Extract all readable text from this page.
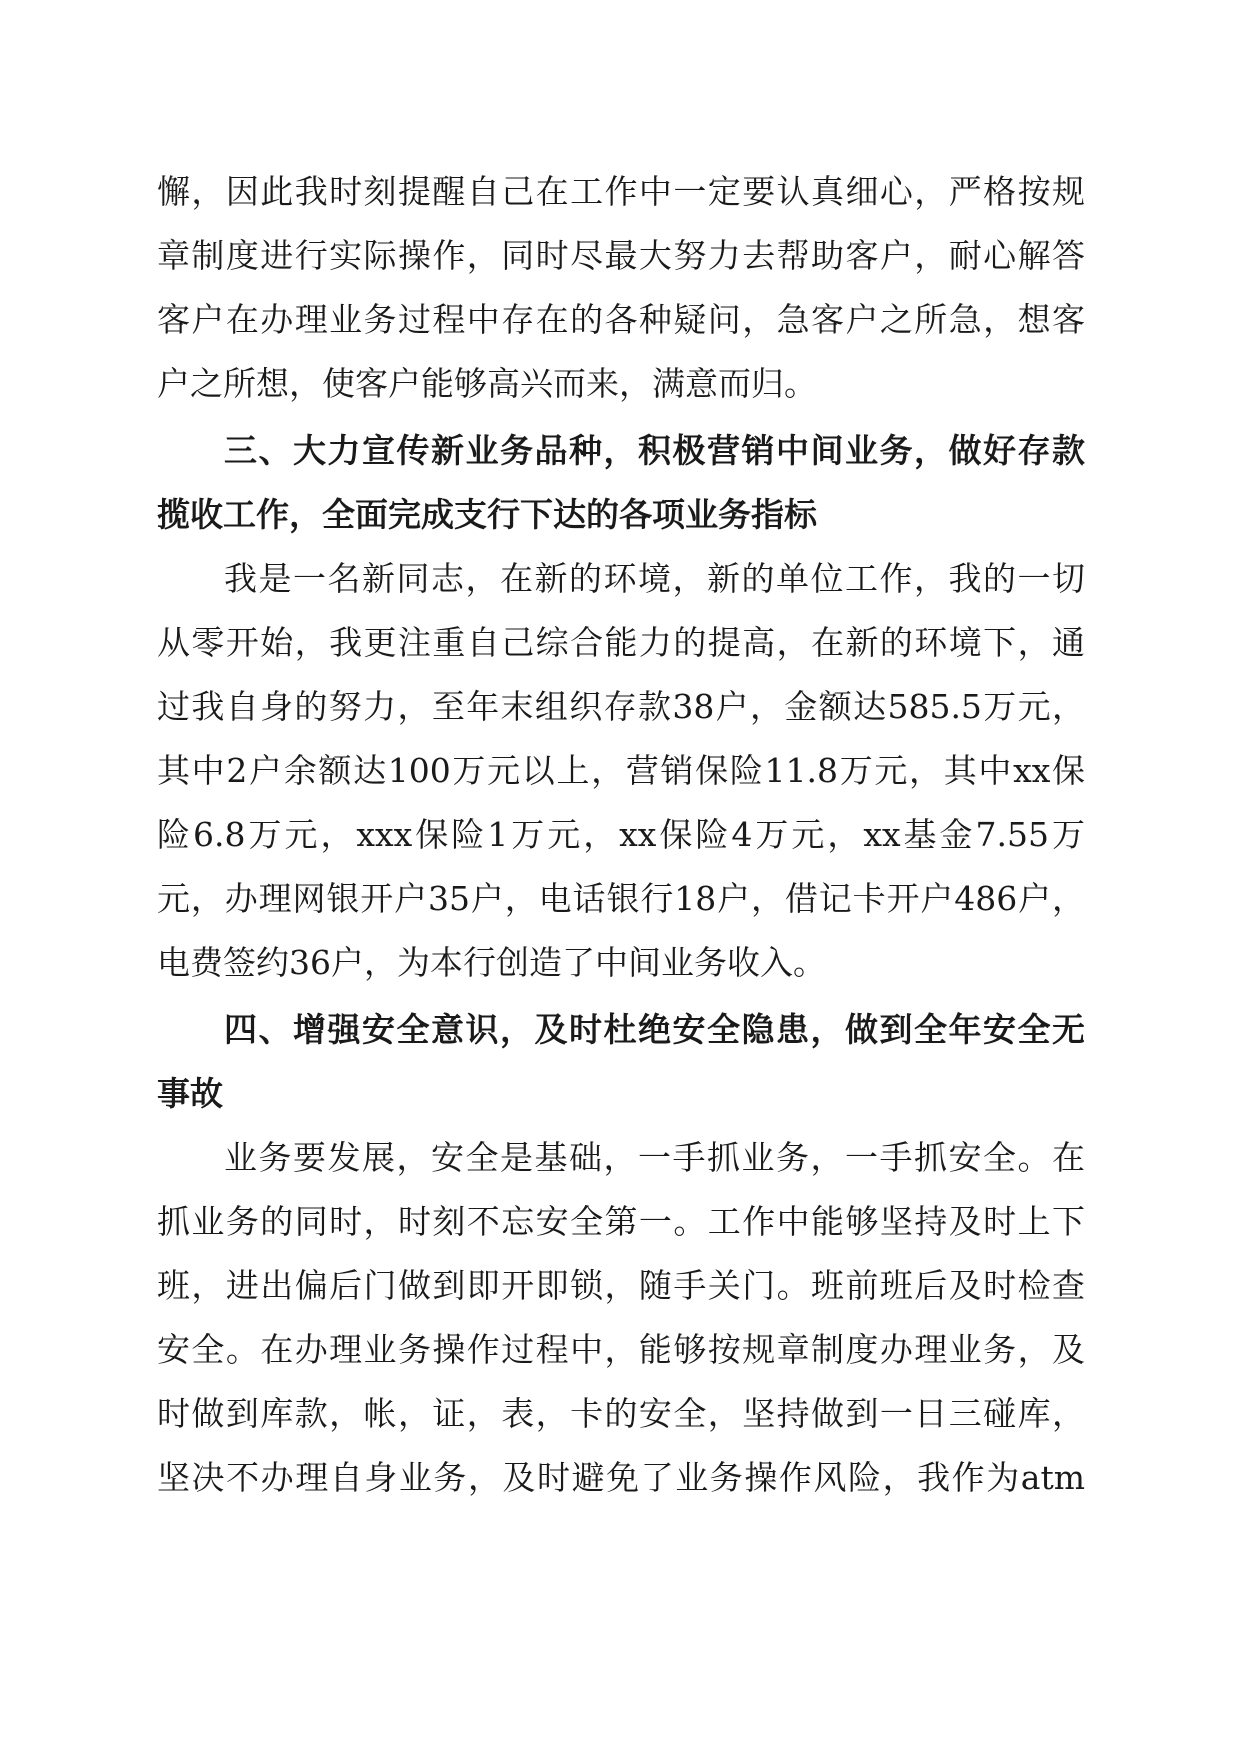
懈，因此我时刻提醒自己在工作中一定要认真细心，严格按规
章制度进行实际操作，同时尽最大努力去帮助客户，耐心解答
客户在办理业务过程中存在的各种疑问，急客户之所急，想客
户之所想，使客户能够高兴而来，满意而归。
三、大力宣传新业务品种，积极营销中间业务，做好存款
揽收工作，全面完成支行下达的各项业务指标
我是一名新同志，在新的环境，新的单位工作，我的一切
从零开始，我更注重自己综合能力的提高，在新的环境下，通
过我自身的努力，至年末组织存款38户，金额达585.5万元，
其中2户余额达100万元以上，营销保险11.8万元，其中xx保
险6.8万元，xxx保险1万元，xx保险4万元，xx基金7.55万
元，办理网银开户35户，电话银行18户，借记卡开户486户，
电费签约36户，为本行创造了中间业务收入。
四、增强安全意识，及时杜绝安全隐患，做到全年安全无
事故
业务要发展，安全是基础，一手抓业务，一手抓安全。在
抓业务的同时，时刻不忘安全第一。工作中能够坚持及时上下
班，进出偏后门做到即开即锁，随手关门。班前班后及时检查
安全。在办理业务操作过程中，能够按规章制度办理业务，及
时做到库款，帐，证，表，卡的安全，坚持做到一日三碰库，
坚决不办理自身业务，及时避免了业务操作风险，我作为atm
